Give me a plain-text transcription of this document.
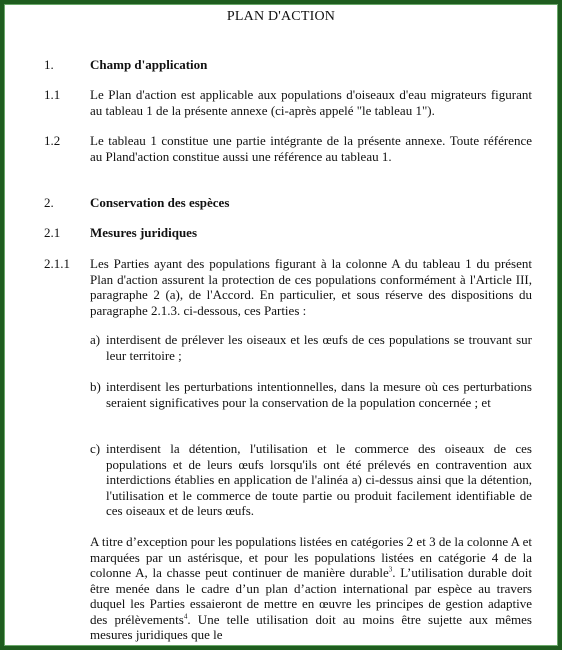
PLAN D'ACTION
1.	Champ d'application
1.1 Le Plan d'action est applicable aux populations d'oiseaux d'eau migrateurs figurant au tableau 1 de la présente annexe (ci-après appelé "le tableau 1").
1.2 Le tableau 1 constitue une partie intégrante de la présente annexe. Toute référence au Pland'action constitue aussi une référence au tableau 1.
2.	Conservation des espèces
2.1 Mesures juridiques
2.1.1 Les Parties ayant des populations figurant à la colonne A du tableau 1 du présent Plan d'action assurent la protection de ces populations conformément à l'Article III, paragraphe 2 (a), de l'Accord. En particulier, et sous réserve des dispositions du paragraphe 2.1.3. ci-dessous, ces Parties :
a) interdisent de prélever les oiseaux et les œufs de ces populations se trouvant sur leur territoire ;
b) interdisent les perturbations intentionnelles, dans la mesure où ces perturbations seraient significatives pour la conservation de la population concernée ; et
c) interdisent la détention, l'utilisation et le commerce des oiseaux de ces populations et de leurs œufs lorsqu'ils ont été prélevés en contravention aux interdictions établies en application de l'alinéa a) ci-dessus ainsi que la détention, l'utilisation et le commerce de toute partie ou produit facilement identifiable de ces oiseaux et de leurs œufs.
A titre d’exception pour les populations listées en catégories 2 et 3 de la colonne A et marquées par un astérisque, et pour les populations listées en catégorie 4 de la colonne A, la chasse peut continuer de manière durable$^3$. L’utilisation durable doit être menée dans le cadre d’un plan d’action international par espèce au travers duquel les Parties essaieront de mettre en œuvre les principes de gestion adaptive des prélèvements$^4$. Une telle utilisation doit au moins être sujette aux mêmes mesures juridiques que le
